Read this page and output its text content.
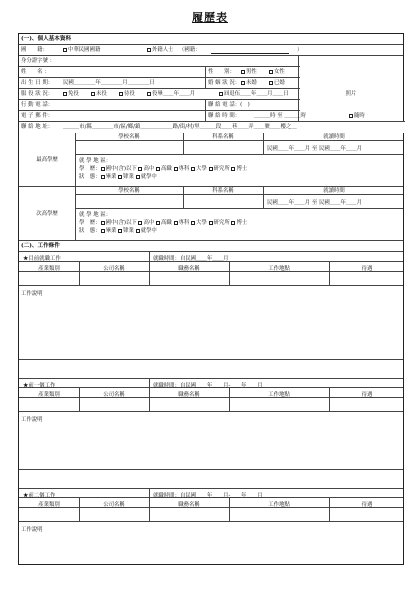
履歷表
(一)、個人基本資料
國　　籍：	中華民國國籍	外籍人士 （國籍：	）
照片
身分證字號 ：
姓　　名 ：	性　　別：	男性	女性
出 生 日 期： 民國＿＿＿＿年＿＿＿＿月＿＿＿＿日	婚 姻 狀 況：	未婚	已婚
服 役 狀 況：	免役	未役	待役	役畢＿＿年＿＿月	屆退伍＿＿年＿＿月＿＿日
行 動 電 話：	聯 絡 電 話：(　)
電 子 郵 件：	聯 絡 時 間：	＿＿＿時 至 ＿＿＿時	隨時
聯 絡 地 址： ＿＿＿市/縣＿＿＿＿市/區/鄉/鎮＿＿＿＿＿＿路/街/村/里＿＿＿段＿＿巷＿＿弄＿＿號＿＿樓之＿
最高學歷
學校名稱	科系名稱	就讀時間
民國＿＿年＿＿月 至 民國＿＿年＿＿月
就 學 地 區：
學　歷： 國中(含)以下 高中 高職 專科 大學 研究所 博士
狀　態： 畢業 肄業 就學中
次高學歷
學校名稱	科系名稱	就讀時間
民國＿＿年＿＿月 至 民國＿＿年＿＿月
就 學 地 區：
學　歷： 國中(含)以下 高中 高職 專科 大學 研究所 博士
狀　態： 畢業 肄業 就學中
(二)、工作條件
★目前就職工作	就職時間：自民國＿＿年＿＿月
產業類別	公司名稱	職務名稱	工作地點	待遇
工作說明
★前一個工作	就職時間：自民國＿＿年＿＿月-＿＿年＿＿月
產業類別	公司名稱	職務名稱	工作地點	待遇
工作說明
★前二個工作	就職時間：自民國＿＿年＿＿月-＿＿年＿＿月
產業類別	公司名稱	職務名稱	工作地點	待遇
工作說明
